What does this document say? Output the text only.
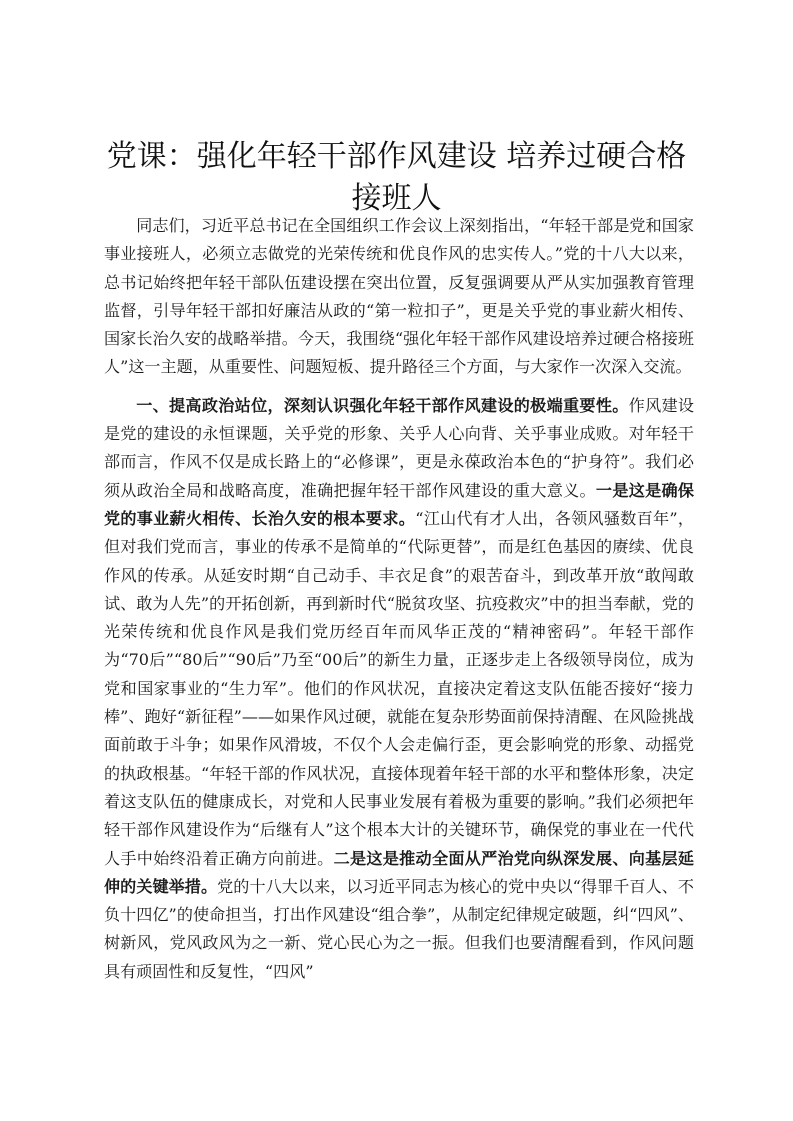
党课：强化年轻干部作风建设 培养过硬合格接班人

同志们，习近平总书记在全国组织工作会议上深刻指出，“年轻干部是党和国家事业接班人，必须立志做党的光荣传统和优良作风的忠实传人。”党的十八大以来，总书记始终把年轻干部队伍建设摆在突出位置，反复强调要从严从实加强教育管理监督，引导年轻干部扣好廉洁从政的“第一粒扣子”，更是关乎党的事业薪火相传、国家长治久安的战略举措。今天，我围绕“强化年轻干部作风建设培养过硬合格接班人”这一主题，从重要性、问题短板、提升路径三个方面，与大家作一次深入交流。

一、提高政治站位，深刻认识强化年轻干部作风建设的极端重要性。作风建设是党的建设的永恒课题，关乎党的形象、关乎人心向背、关乎事业成败。对年轻干部而言，作风不仅是成长路上的“必修课”，更是永葆政治本色的“护身符”。我们必须从政治全局和战略高度，准确把握年轻干部作风建设的重大意义。一是这是确保党的事业薪火相传、长治久安的根本要求。“江山代有才人出，各领风骚数百年”，但对我们党而言，事业的传承不是简单的“代际更替”，而是红色基因的赓续、优良作风的传承。从延安时期“自己动手、丰衣足食”的艰苦奋斗，到改革开放“敢闯敢试、敢为人先”的开拓创新，再到新时代“脱贫攻坚、抗疫救灾”中的担当奉献，党的光荣传统和优良作风是我们党历经百年而风华正茂的“精神密码”。年轻干部作为“70后”“80后”“90后”乃至“00后”的新生力量，正逐步走上各级领导岗位，成为党和国家事业的“生力军”。他们的作风状况，直接决定着这支队伍能否接好“接力棒”、跑好“新征程”——如果作风过硬，就能在复杂形势面前保持清醒、在风险挑战面前敢于斗争；如果作风滑坡，不仅个人会走偏行歪，更会影响党的形象、动摇党的执政根基。“年轻干部的作风状况，直接体现着年轻干部的水平和整体形象，决定着这支队伍的健康成长，对党和人民事业发展有着极为重要的影响。”我们必须把年轻干部作风建设作为“后继有人”这个根本大计的关键环节，确保党的事业在一代代人手中始终沿着正确方向前进。二是这是推动全面从严治党向纵深发展、向基层延伸的关键举措。党的十八大以来，以习近平同志为核心的党中央以“得罪千百人、不负十四亿”的使命担当，打出作风建设“组合拳”，从制定纪律规定破题，纠“四风”、树新风，党风政风为之一新、党心民心为之一振。但我们也要清醒看到，作风问题具有顽固性和反复性，“四风”
